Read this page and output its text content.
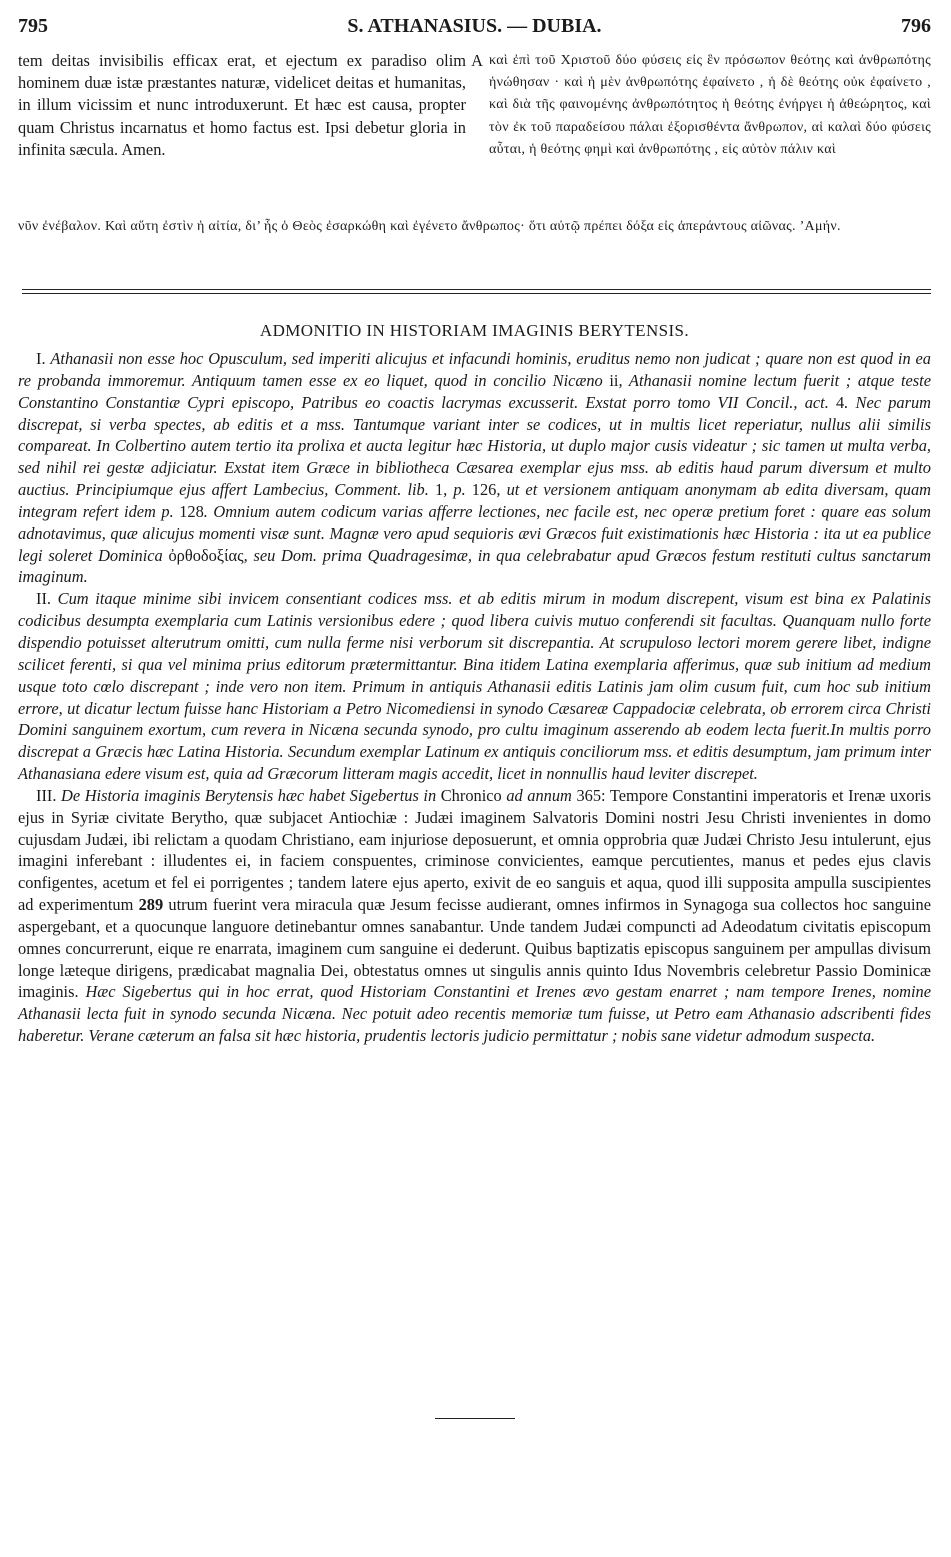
795	S. ATHANASIUS. — DUBIA.	796
tem deitas invisibilis efficax erat, et ejectum ex paradiso olim hominem duæ istæ præstantes naturæ, videlicet deitas et humanitas, in illum vicissim et nunc introduxerunt. Et hæc est causa, propter quam Christus incarnatus et homo factus est. Ipsi debetur gloria in infinita sæcula. Amen.
A καὶ ἐπὶ τοῦ Χριστοῦ δύο φύσεις εἰς ἓν πρόσωπον θεότης καὶ ἀνθρωπότης ἡνώθησαν · καὶ ἡ μὲν ἀνθρωπότης ἐφαίνετο , ἡ δὲ θεότης οὐκ ἐφαίνετο , καὶ διὰ τῆς φαινομένης ἀνθρωπότητος ἡ θεότης ἐνήργει ἡ ἀθεώρητος, καὶ τὸν ἐκ τοῦ παραδείσου πάλαι ἐξορισθέντα ἄνθρωπον, αἱ καλαὶ δύο φύσεις αὗται, ἡ θεότης φημὶ καὶ ἀνθρωπότης , εἰς αὐτὸν πάλιν καὶ
νῦν ἐνέβαλον. Καὶ αὕτη ἐστὶν ἡ αἰτία, δι’ ἧς ὁ Θεὸς ἐσαρκώθη καὶ ἐγένετο ἄνθρωπος· ὅτι αὐτῷ πρέπει δόξα εἰς ἀπεράντους αἰῶνας. ’Αμήν.
ADMONITIO IN HISTORIAM IMAGINIS BERYTENSIS.

I. Athanasii non esse hoc Opusculum, sed imperiti alicujus et infacundi hominis, eruditus nemo non judicat ; quare non est quod in ea re probanda immoremur. Antiquum tamen esse ex eo liquet, quod in concilio Nicæno ii, Athanasii nomine lectum fuerit ; atque teste Constantino Constantiæ Cypri episcopo, Patribus eo coactis lacrymas excusserit. Exstat porro tomo VII Concil., act. 4. Nec parum discrepat, si verba spectes, ab editis et a mss. Tantumque variant inter se codices, ut in multis licet reperiatur, nullus alii similis compareat. In Colbertino autem tertio ita prolixa et aucta legitur hæc Historia, ut duplo major cusis videatur ; sic tamen ut multa verba, sed nihil rei gestæ adjiciatur. Exstat item Græce in bibliotheca Cæsarea exemplar ejus mss. ab editis haud parum diversum et multo auctius. Principiumque ejus affert Lambecius, Comment. lib. 1, p. 126, ut et versionem antiquam anonymam ab edita diversam, quam integram refert idem p. 128. Omnium autem codicum varias afferre lectiones, nec facile est, nec operæ pretium foret : quare eas solum adnotavimus, quæ alicujus momenti visæ sunt. Magnæ vero apud sequioris ævi Græcos fuit existimationis hæc Historia : ita ut ea publice legi soleret Dominica ὀρθοδοξίας, seu Dom. prima Quadragesimæ, in qua celebrabatur apud Græcos festum restituti cultus sanctarum imaginum.

II. Cum itaque minime sibi invicem consentiant codices mss. et ab editis mirum in modum discrepent, visum est bina ex Palatinis codicibus desumpta exemplaria cum Latinis versionibus edere ; quod libera cuivis mutuo conferendi sit facultas. Quanquam nullo forte dispendio potuisset alterutrum omitti, cum nulla ferme nisi verborum sit discrepantia. At scrupuloso lectori morem gerere libet, indigne scilicet ferenti, si qua vel minima prius editorum prætermittantur. Bina itidem Latina exemplaria afferimus, quæ sub initium ad medium usque toto cœlo discrepant ; inde vero non item. Primum in antiquis Athanasii editis Latinis jam olim cusum fuit, cum hoc sub initium errore, ut dicatur lectum fuisse hanc Historiam a Petro Nicomediensi in synodo Cæsareæ Cappadociæ celebrata, ob errorem circa Christi Domini sanguinem exortum, cum revera in Nicæna secunda synodo, pro cultu imaginum asserendo ab eodem lecta fuerit.In multis porro discrepat a Græcis hæc Latina Historia. Secundum exemplar Latinum ex antiquis conciliorum mss. et editis desumptum, jam primum inter Athanasiana edere visum est, quia ad Græcorum litteram magis accedit, licet in nonnullis haud leviter discrepet.

III. De Historia imaginis Berytensis hæc habet Sigebertus in Chronico ad annum 365: Tempore Constantini imperatoris et Irenæ uxoris ejus in Syriæ civitate Berytho, quæ subjacet Antiochiæ : Judæi imaginem Salvatoris Domini nostri Jesu Christi invenientes in domo cujusdam Judæi, ibi relictam a quodam Christiano, eam injuriose deposuerunt, et omnia opprobria quæ Judæi Christo Jesu intulerunt, ejus imagini inferebant : illudentes ei, in faciem conspuentes, criminose convicientes, eamque percutientes, manus et pedes ejus clavis configentes, acetum et fel ei porrigentes ; tandem latere ejus aperto, exivit de eo sanguis et aqua, quod illi supposita ampulla suscipientes ad experimentum 289 utrum fuerint vera miracula quæ Jesum fecisse audierant, omnes infirmos in Synagoga sua collectos hoc sanguine aspergebant, et a quocunque languore detinebantur omnes sanabantur. Unde tandem Judæi compuncti ad Adeodatum civitatis episcopum omnes concurrerunt, eique re enarrata, imaginem cum sanguine ei dederunt. Quibus baptizatis episcopus sanguinem per ampullas divisum longe læteque dirigens, prædicabat magnalia Dei, obtestatus omnes ut singulis annis quinto Idus Novembris celebretur Passio Dominicæ imaginis. Hæc Sigebertus qui in hoc errat, quod Historiam Constantini et Irenes ævo gestam enarret ; nam tempore Irenes, nomine Athanasii lecta fuit in synodo secunda Nicæna. Nec potuit adeo recentis memoriæ tum fuisse, ut Petro eam Athanasio adscribenti fides haberetur. Verane cæterum an falsa sit hæc historia, prudentis lectoris judicio permittatur ; nobis sane videtur admodum suspecta.
